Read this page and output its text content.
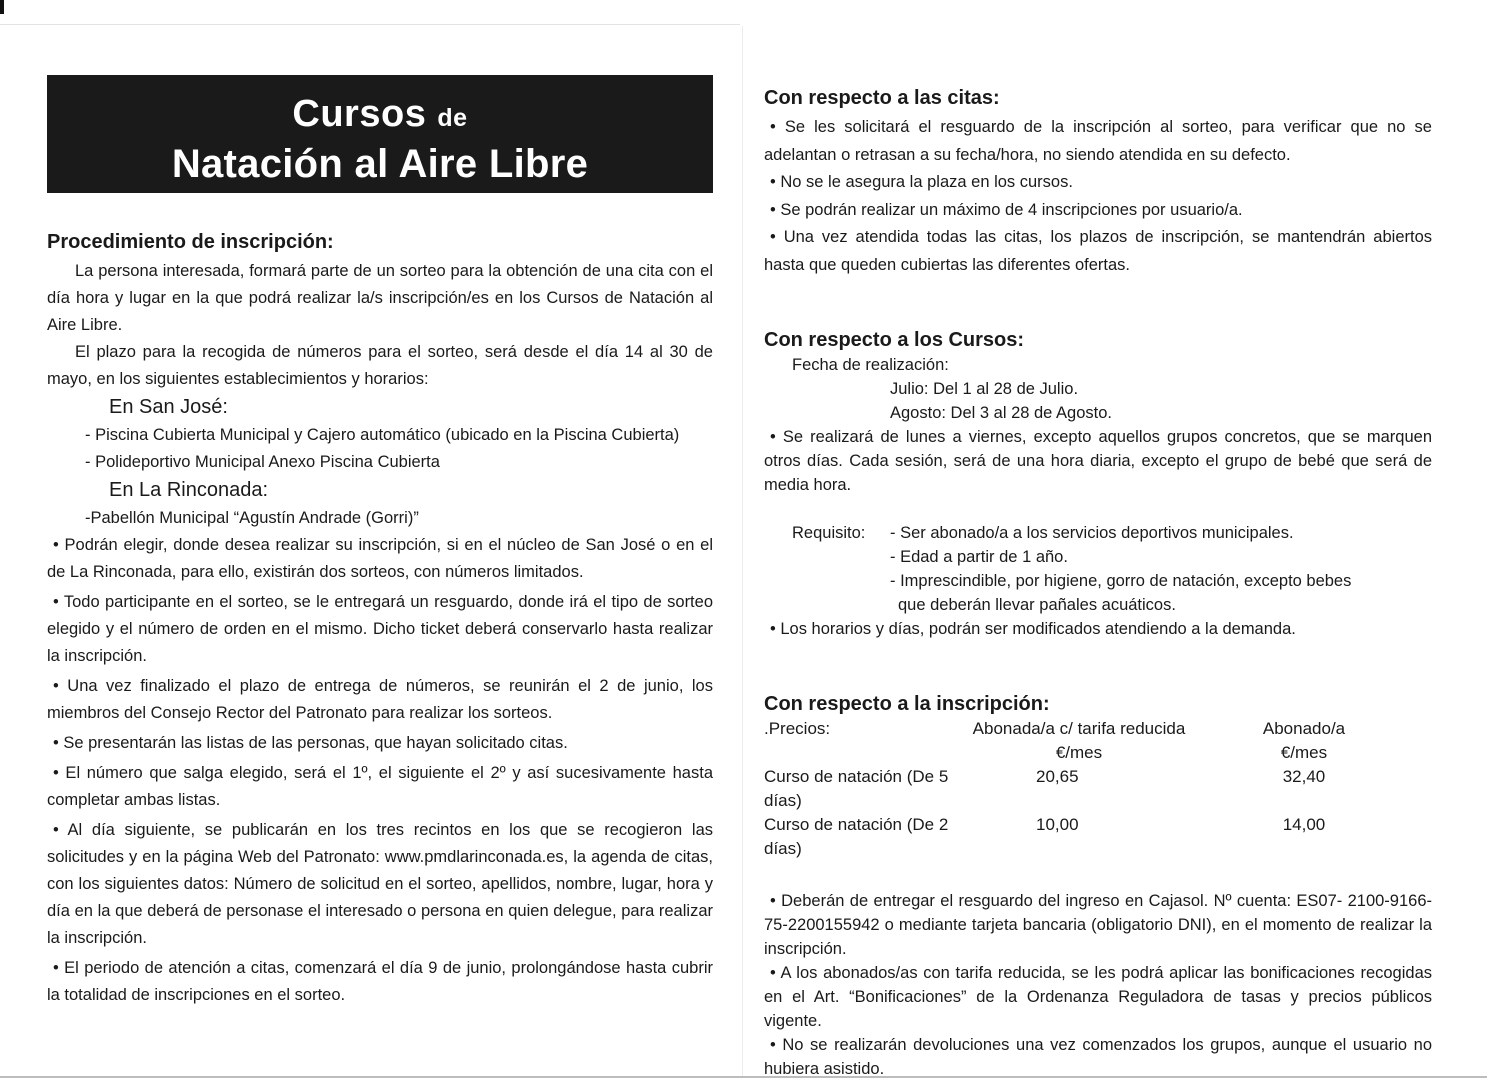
Cursos de
Natación al Aire Libre
Procedimiento de inscripción:

La persona interesada, formará parte de un sorteo para la obtención de una cita con el día hora y lugar en la que podrá realizar la/s inscripción/es en los Cursos de Natación al Aire Libre.

El plazo para la recogida de números para el sorteo, será desde el día 14 al 30 de mayo, en los siguientes establecimientos y horarios:

En San José:

- Piscina Cubierta Municipal y Cajero automático (ubicado en la Piscina Cubierta)

- Polideportivo Municipal Anexo Piscina Cubierta

En La Rinconada:

-Pabellón Municipal “Agustín Andrade (Gorri)”

• Podrán elegir, donde desea realizar su inscripción, si en el núcleo de San José o en el de La Rinconada, para ello, existirán dos sorteos, con números limitados.

• Todo participante en el sorteo, se le entregará un resguardo, donde irá el tipo de sorteo elegido y el número de orden en el mismo. Dicho ticket deberá conservarlo hasta realizar la inscripción.

• Una vez finalizado el plazo de entrega de números, se reunirán el 2 de junio, los miembros del Consejo Rector del Patronato para realizar los sorteos.

• Se presentarán las listas de las personas, que hayan solicitado citas.

• El número que salga elegido, será el 1º, el siguiente el 2º y así sucesivamente hasta completar ambas listas.

• Al día siguiente, se publicarán en los tres recintos en los que se recogieron las solicitudes y en la página Web del Patronato: www.pmdlarinconada.es, la agenda de citas, con los siguientes datos: Número de solicitud en el sorteo, apellidos, nombre, lugar, hora y día en la que deberá de personase el interesado o persona en quien delegue, para realizar la inscripción.

• El periodo de atención a citas, comenzará el día 9 de junio, prolongándose hasta cubrir la totalidad de inscripciones en el sorteo.

Con respecto a las citas:

• Se les solicitará el resguardo de la inscripción al sorteo, para verificar que no se adelantan o retrasan a su fecha/hora, no siendo atendida en su defecto.

• No se le asegura la plaza en los cursos.

• Se podrán realizar un máximo de 4 inscripciones por usuario/a.

• Una vez atendida todas las citas, los plazos de inscripción, se mantendrán abiertos hasta que queden cubiertas las diferentes ofertas.

Con respecto a los Cursos:

Fecha de realización:

Julio: Del 1 al 28 de Julio.

Agosto: Del 3 al 28 de Agosto.

• Se realizará de lunes a viernes, excepto aquellos grupos concretos, que se marquen otros días. Cada sesión, será de una hora diaria, excepto el grupo de bebé que será de media hora.

Requisito:	- Ser abonado/a a los servicios deportivos municipales.
	- Edad a partir de 1 año.
	- Imprescindible, por higiene, gorro de natación, excepto bebes que deberán llevar pañales acuáticos.

• Los horarios y días, podrán ser modificados atendiendo a la demanda.

Con respecto a la inscripción:
.Precios:	Abonada/a c/ tarifa reducida	Abonado/a
	€/mes	€/mes
Curso de natación (De 5 días)	20,65	32,40
Curso de natación (De 2 días)	10,00	14,00

• Deberán de entregar el resguardo del ingreso en Cajasol. Nº cuenta: ES07- 2100-9166-75-2200155942 o mediante tarjeta bancaria (obligatorio DNI), en el momento de realizar la inscripción.

• A los abonados/as con tarifa reducida, se les podrá aplicar las bonificaciones recogidas en el Art. “Bonificaciones” de la Ordenanza Reguladora de tasas y precios públicos vigente.

• No se realizarán devoluciones una vez comenzados los grupos, aunque el usuario no hubiera asistido.
